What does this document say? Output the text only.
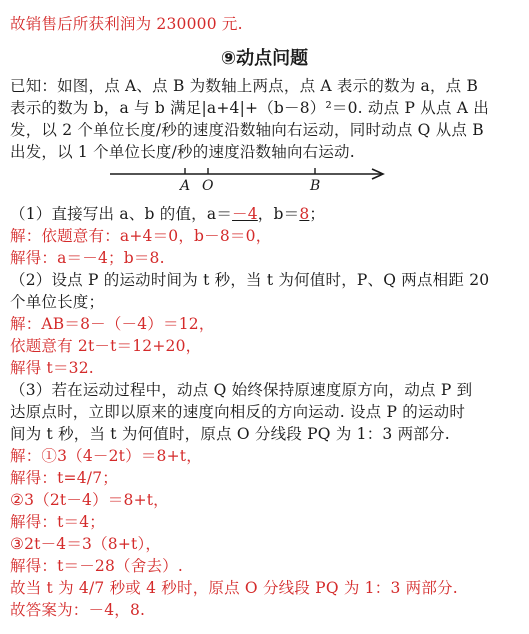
故销售后所获利润为 230000 元.
⑨动点问题
已知：如图，点 A、点 B 为数轴上两点，点 A 表示的数为 a，点 B
表示的数为 b，a 与 b 满足|a+4|+（b－8）²＝0. 动点 P 从点 A 出
发，以 2 个单位长度/秒的速度沿数轴向右运动，同时动点 Q 从点 B
出发，以 1 个单位长度/秒的速度沿数轴向右运动.
A O	B
（1）直接写出 a、b 的值，a＝－4，b＝8；
解：依题意有：a+4＝0，b－8＝0，
解得：a＝－4；b＝8.
（2）设点 P 的运动时间为 t 秒，当 t 为何值时，P、Q 两点相距 20
个单位长度；
解：AB＝8－（－4）＝12，
依题意有 2t－t＝12+20，
解得 t＝32.
（3）若在运动过程中，动点 Q 始终保持原速度原方向，动点 P 到
达原点时，立即以原来的速度向相反的方向运动. 设点 P 的运动时
间为 t 秒，当 t 为何值时，原点 O 分线段 PQ 为 1：3 两部分.
解：①3（4－2t）＝8+t，
解得：t=4/7；
②3（2t－4）＝8+t，
解得：t＝4；
③2t－4＝3（8+t），
解得：t＝－28（舍去）.
故当 t 为 4/7 秒或 4 秒时，原点 O 分线段 PQ 为 1：3 两部分.
故答案为：－4，8.
